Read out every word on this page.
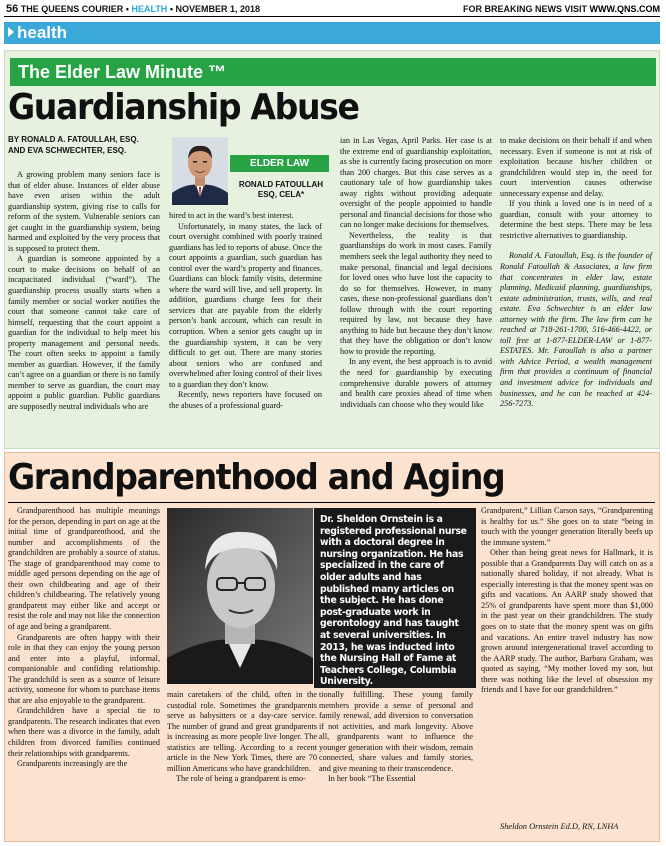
56 THE QUEENS COURIER • HEALTH • NOVEMBER 1, 2018	FOR BREAKING NEWS VISIT WWW.QNS.COM
health
The Elder Law Minute ™
Guardianship Abuse
BY RONALD A. FATOULLAH, ESQ.
AND EVA SCHWECHTER, ESQ.
ELDER LAW
RONALD FATOULLAH
ESQ, CELA*

A growing problem many seniors face is that of elder abuse. Instances of elder abuse have even arisen within the adult guardianship system, giving rise to calls for reform of the system. Vulnerable seniors can get caught in the guardianship system, being harmed and exploited by the very process that is supposed to protect them.

A guardian is someone appointed by a court to make decisions on behalf of an incapacitated individual (“ward”). The guardianship process usually starts when a family member or social worker notifies the court that someone cannot take care of himself, requesting that the court appoint a guardian for the individual to help meet his property management and personal needs. The court often seeks to appoint a family member as guardian. However, if the family can’t agree on a guardian or there is no family member to serve as guardian, the court may appoint a public guardian. Public guardians are supposedly neutral individuals who are

hired to act in the ward’s best interest.

Unfortunately, in many states, the lack of court oversight combined with poorly trained guardians has led to reports of abuse. Once the court appoints a guardian, such guardian has control over the ward’s property and finances. Guardians can block family visits, determine where the ward will live, and sell property. In addition, guardians charge fees for their services that are payable from the elderly person’s bank account, which can result in corruption. When a senior gets caught up in the guardianship system, it can be very difficult to get out. There are many stories about seniors who are confused and overwhelmed after losing control of their lives to a guardian they don’t know.

Recently, news reporters have focused on the abuses of a professional guard-

ian in Las Vegas, April Parks. Her case is at the extreme end of guardianship exploitation, as she is currently facing prosecution on more than 200 charges. But this case serves as a cautionary tale of how guardianship takes away rights without providing adequate oversight of the people appointed to handle personal and financial decisions for those who can no longer make decisions for themselves.

Nevertheless, the reality is that guardianships do work in most cases. Family members seek the legal authority they need to make personal, financial and legal decisions for loved ones who have lost the capacity to do so for themselves. However, in many cases, these non-professional guardians don’t follow through with the court reporting required by law, not because they have anything to hide but because they don’t know that they have the obligation or don’t know how to provide the reporting.

In any event, the best approach is to avoid the need for guardianship by executing comprehensive durable powers of attorney and health care proxies ahead of time when individuals can choose who they would like

to make decisions on their behalf if and when necessary. Even if someone is not at risk of exploitation because his/her children or grandchildren would step in, the need for court intervention causes otherwise unnecessary expense and delay.

If you think a loved one is in need of a guardian, consult with your attorney to determine the best steps. There may be less restrictive alternatives to guardianship.

Ronald A. Fatoullah, Esq. is the founder of Ronald Fatoullah & Associates, a law firm that concentrates in elder law, estate planning, Medicaid planning, guardianships, estate administration, trusts, wills, and real estate. Eva Schwechter is an elder law attorney with the firm. The law firm can be reached at 718-261-1700, 516-466-4422, or toll free at 1-877-ELDER-LAW or 1-877-ESTATES. Mr. Fatoullah is also a partner with Advice Period, a wealth management firm that provides a continuum of financial and investment advice for individuals and businesses, and he can be reached at 424-256-7273.

Grandparenthood and Aging

Grandparenthood has multiple meanings for the person, depending in part on age at the initial time of grandparenthood, and the number and accomplishments of the grandchildren are probably a source of status. The stage of grandparenthood may come to middle aged persons depending on the age of their own childbearing and age of their children’s childbearing. The relatively young grandparent may either like and accept or resist the role and may not like the connection of age and being a grandparent.

Grandparents are often happy with their role in that they can enjoy the young person and enter into a playful, informal, companionable and confiding relationship. The grandchild is seen as a source of leisure activity, someone for whom to purchase items that are also enjoyable to the grandparent.

Grandchildren have a special tie to grandparents. The research indicates that even when there was a divorce in the family, adult children from divorced families continued their relationships with grandparents.

Grandparents increasingly are the

Dr. Sheldon Ornstein is a registered professional nurse with a doctoral degree in nursing organization. He has specialized in the care of older adults and has published many articles on the subject. He has done post-graduate work in gerontology and has taught at several universities. In 2013, he was inducted into the Nursing Hall of Fame at Teachers College, Columbia University.

main caretakers of the child, often in the custodial role. Sometimes the grandparents serve as babysitters or a day-care service. The number of grand and great grandparents is increasing as more people live longer. The statistics are telling. According to a recent article in the New York Times, there are 70 million Americans who have grandchildren.

The role of being a grandparent is emo-

tionally fulfilling. These young family members provide a sense of personal and family renewal, add diversion to conversation if not activities, and mark longevity. Above all, grandparents want to influence the younger generation with their wisdom, remain connected, share values and family stories, and give meaning to their transcendence.

In her book “The Essential

Grandparent,” Lillian Carson says, “Grandparenting is healthy for us.” She goes on to state “being in touch with the younger generation literally beefs up the immune system.”

Other than being great news for Hallmark, it is possible that a Grandparents Day will catch on as a nationally shared holiday, if not already. What is especially interesting is that the money spent was on gifts and vacations. An AARP study showed that 25% of grandparents have spent more than $1,000 in the past year on their grandchildren. The study goes on to state that the money spent was on gifts and vacations. An entire travel industry has now grown around intergenerational travel according to the AARP study. The author, Barbara Graham, was quoted as saying, “My mother loved my son, but there was nothing like the level of obsession my friends and I have for our grandchildren.”

Sheldon Ornstein Ed.D, RN, LNHA
